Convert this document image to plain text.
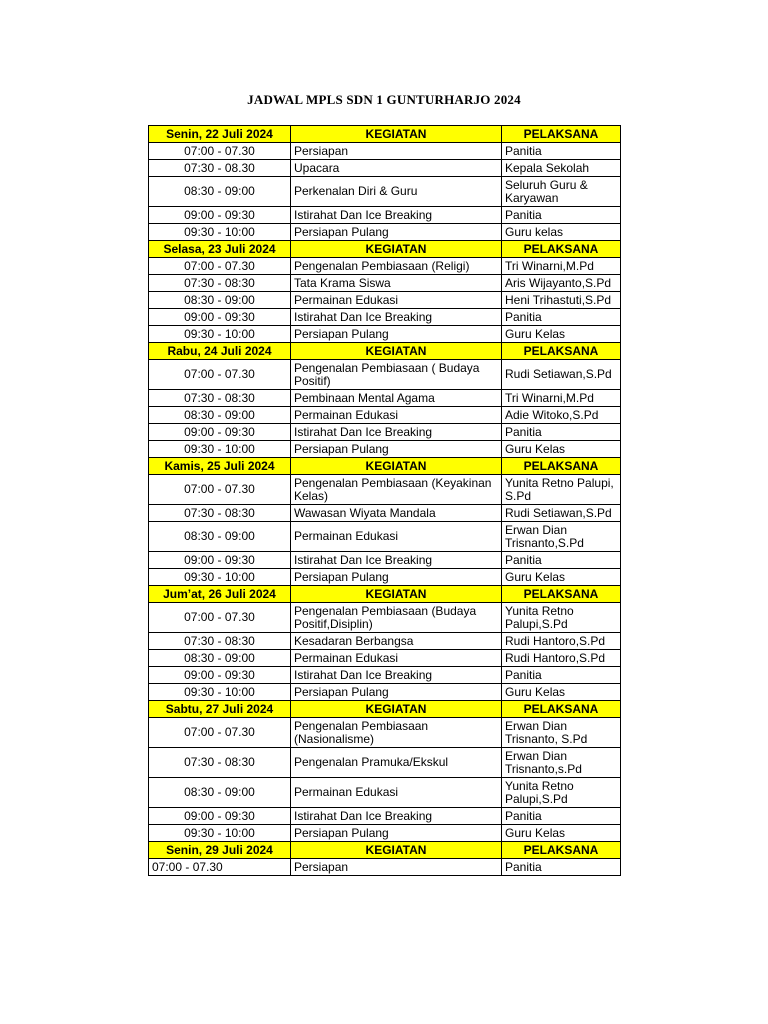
JADWAL MPLS SDN 1 GUNTURHARJO 2024
Senin, 22 Juli 2024	KEGIATAN	PELAKSANA
07:00 - 07.30	Persiapan	Panitia
07:30 - 08.30	Upacara	Kepala Sekolah
08:30 - 09:00	Perkenalan Diri & Guru	Seluruh Guru & Karyawan
09:00 - 09:30	Istirahat Dan Ice Breaking	Panitia
09:30 - 10:00	Persiapan Pulang	Guru kelas
Selasa, 23 Juli 2024	KEGIATAN	PELAKSANA
07:00 - 07.30	Pengenalan Pembiasaan (Religi)	Tri Winarni,M.Pd
07:30 - 08:30	Tata Krama Siswa	Aris Wijayanto,S.Pd
08:30 - 09:00	Permainan Edukasi	Heni Trihastuti,S.Pd
09:00 - 09:30	Istirahat Dan Ice Breaking	Panitia
09:30 - 10:00	Persiapan Pulang	Guru Kelas
Rabu, 24 Juli 2024	KEGIATAN	PELAKSANA
07:00 - 07.30	Pengenalan Pembiasaan ( Budaya Positif)	Rudi Setiawan,S.Pd
07:30 - 08:30	Pembinaan Mental Agama	Tri Winarni,M.Pd
08:30 - 09:00	Permainan Edukasi	Adie Witoko,S.Pd
09:00 - 09:30	Istirahat Dan Ice Breaking	Panitia
09:30 - 10:00	Persiapan Pulang	Guru Kelas
Kamis, 25 Juli 2024	KEGIATAN	PELAKSANA
07:00 - 07.30	Pengenalan Pembiasaan (Keyakinan Kelas)	Yunita Retno Palupi, S.Pd
07:30 - 08:30	Wawasan Wiyata Mandala	Rudi Setiawan,S.Pd
08:30 - 09:00	Permainan Edukasi	Erwan Dian Trisnanto,S.Pd
09:00 - 09:30	Istirahat Dan Ice Breaking	Panitia
09:30 - 10:00	Persiapan Pulang	Guru Kelas
Jum’at, 26 Juli 2024	KEGIATAN	PELAKSANA
07:00 - 07.30	Pengenalan Pembiasaan (Budaya Positif,Disiplin)	Yunita Retno Palupi,S.Pd
07:30 - 08:30	Kesadaran Berbangsa	Rudi Hantoro,S.Pd
08:30 - 09:00	Permainan Edukasi	Rudi Hantoro,S.Pd
09:00 - 09:30	Istirahat Dan Ice Breaking	Panitia
09:30 - 10:00	Persiapan Pulang	Guru Kelas
Sabtu, 27 Juli 2024	KEGIATAN	PELAKSANA
07:00 - 07.30	Pengenalan Pembiasaan (Nasionalisme)	Erwan Dian Trisnanto, S.Pd
07:30 - 08:30	Pengenalan Pramuka/Ekskul	Erwan Dian Trisnanto,s.Pd
08:30 - 09:00	Permainan Edukasi	Yunita Retno Palupi,S.Pd
09:00 - 09:30	Istirahat Dan Ice Breaking	Panitia
09:30 - 10:00	Persiapan Pulang	Guru Kelas
Senin, 29 Juli 2024	KEGIATAN	PELAKSANA
07:00 - 07.30	Persiapan	Panitia
